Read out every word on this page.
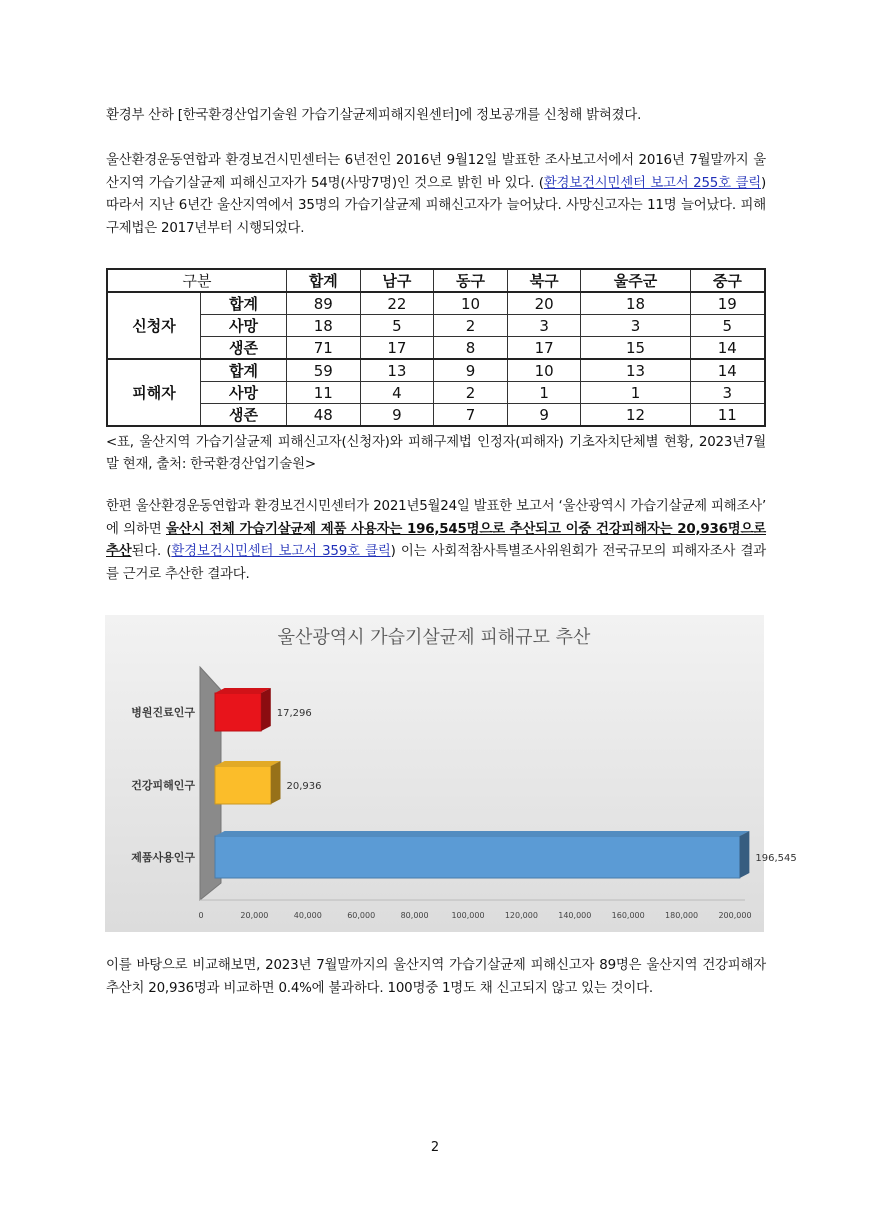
환경부 산하 [한국환경산업기술원 가습기살균제피해지원센터]에 정보공개를 신청해 밝혀졌다.

울산환경운동연합과 환경보건시민센터는 6년전인 2016년 9월12일 발표한 조사보고서에서 2016년 7월말까지 울산지역 가습기살균제 피해신고자가 54명(사망7명)인 것으로 밝힌 바 있다. (환경보건시민센터 보고서 255호 클릭) 따라서 지난 6년간 울산지역에서 35명의 가습기살균제 피해신고자가 늘어났다. 사망신고자는 11명 늘어났다. 피해구제법은 2017년부터 시행되었다.

구분		합계	남구	동구	북구	울주군	중구
신청자	합계	89	22	10	20	18	19
	사망	18	5	2	3	3	5
	생존	71	17	8	17	15	14
피해자	합계	59	13	9	10	13	14
	사망	11	4	2	1	1	3
	생존	48	9	7	9	12	11

<표, 울산지역 가습기살균제 피해신고자(신청자)와 피해구제법 인정자(피해자) 기초자치단체별 현황, 2023년7월말 현재, 출처: 한국환경산업기술원>

한편 울산환경운동연합과 환경보건시민센터가 2021년5월24일 발표한 보고서 ‘울산광역시 가습기살균제 피해조사’ 에 의하면 울산시 전체 가습기살균제 제품 사용자는 196,545명으로 추산되고 이중 건강피해자는 20,936명으로 추산된다. (환경보건시민센터 보고서 359호 클릭) 이는 사회적참사특별조사위원회가 전국규모의 피해자조사 결과를 근거로 추산한 결과다.

울산광역시 가습기살균제 피해규모 추산
병원진료인구	17,296
건강피해인구	20,936
제품사용인구	196,545
0	20,000	40,000	60,000	80,000	100,000	120,000	140,000	160,000	180,000	200,000

이를 바탕으로 비교해보면, 2023년 7월말까지의 울산지역 가습기살균제 피해신고자 89명은 울산지역 건강피해자 추산치 20,936명과 비교하면 0.4%에 불과하다. 100명중 1명도 채 신고되지 않고 있는 것이다.

2
